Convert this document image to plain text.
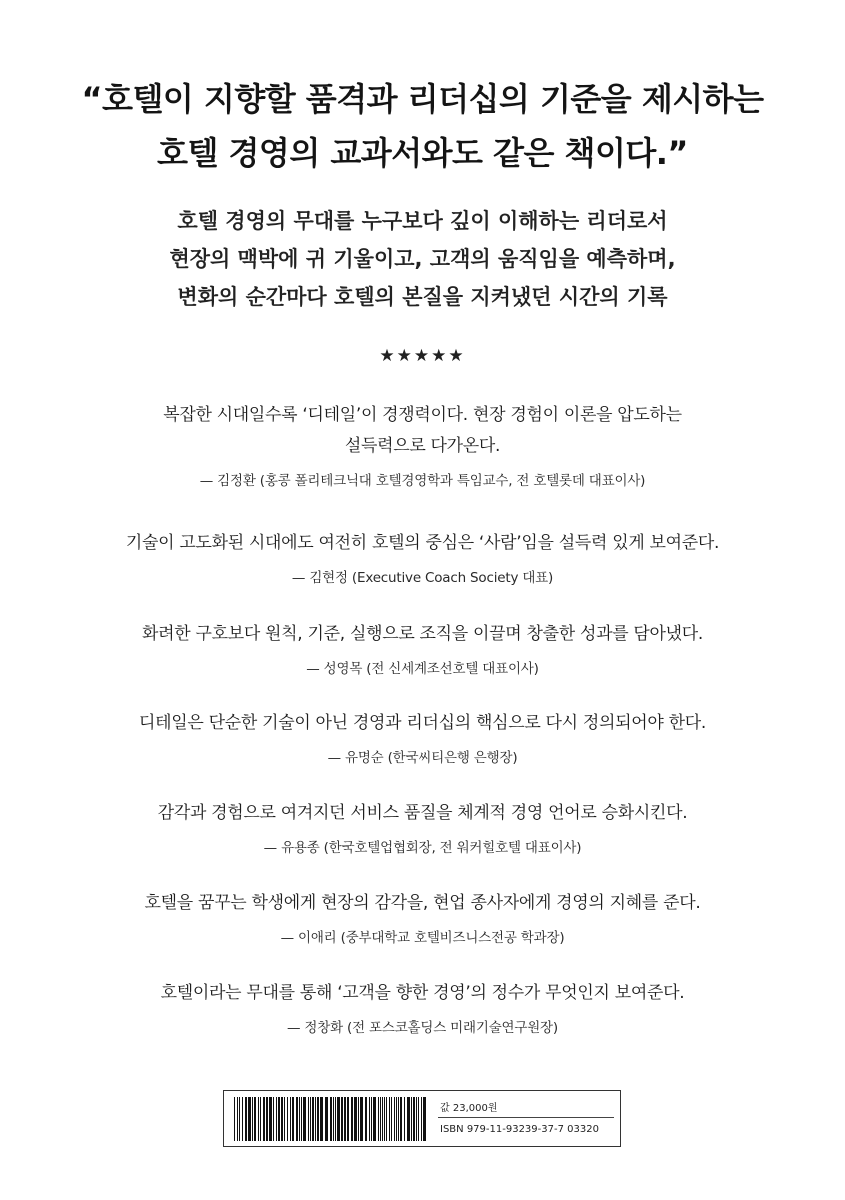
“호텔이 지향할 품격과 리더십의 기준을 제시하는
호텔 경영의 교과서와도 같은 책이다.”
호텔 경영의 무대를 누구보다 깊이 이해하는 리더로서
현장의 맥박에 귀 기울이고, 고객의 움직임을 예측하며,
변화의 순간마다 호텔의 본질을 지켜냈던 시간의 기록
★★★★★
복잡한 시대일수록 ‘디테일’이 경쟁력이다. 현장 경험이 이론을 압도하는
설득력으로 다가온다.
— 김정환 (홍콩 폴리테크닉대 호텔경영학과 특임교수, 전 호텔롯데 대표이사)
기술이 고도화된 시대에도 여전히 호텔의 중심은 ‘사람’임을 설득력 있게 보여준다.
— 김현정 (Executive Coach Society 대표)
화려한 구호보다 원칙, 기준, 실행으로 조직을 이끌며 창출한 성과를 담아냈다.
— 성영목 (전 신세계조선호텔 대표이사)
디테일은 단순한 기술이 아닌 경영과 리더십의 핵심으로 다시 정의되어야 한다.
— 유명순 (한국씨티은행 은행장)
감각과 경험으로 여겨지던 서비스 품질을 체계적 경영 언어로 승화시킨다.
— 유용종 (한국호텔업협회장, 전 워커힐호텔 대표이사)
호텔을 꿈꾸는 학생에게 현장의 감각을, 현업 종사자에게 경영의 지혜를 준다.
— 이애리 (중부대학교 호텔비즈니스전공 학과장)
호텔이라는 무대를 통해 ‘고객을 향한 경영’의 정수가 무엇인지 보여준다.
— 정창화 (전 포스코홀딩스 미래기술연구원장)
값 23,000원
ISBN 979-11-93239-37-7 03320
